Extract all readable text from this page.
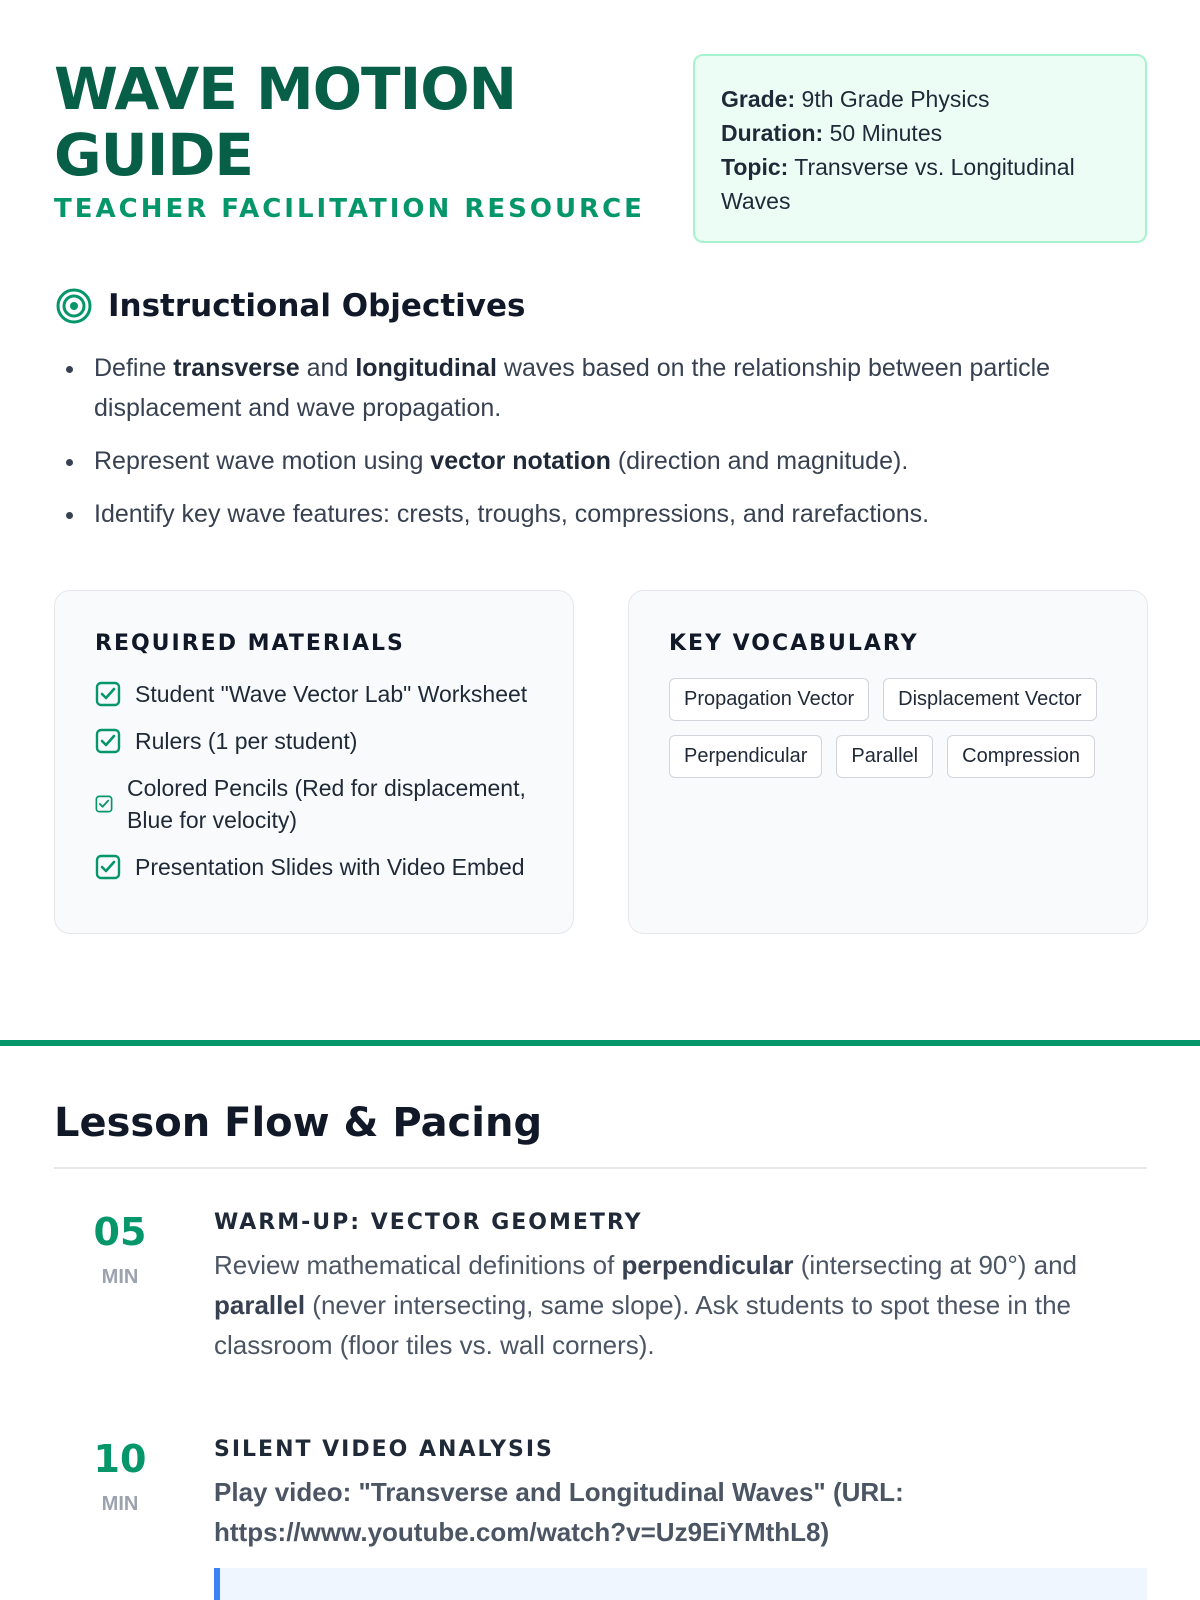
WAVE MOTION
GUIDE
TEACHER FACILITATION RESOURCE
Grade: 9th Grade Physics
Duration: 50 Minutes
Topic: Transverse vs. Longitudinal Waves
Instructional Objectives
Define transverse and longitudinal waves based on the relationship between particle displacement and wave propagation.
Represent wave motion using vector notation (direction and magnitude).
Identify key wave features: crests, troughs, compressions, and rarefactions.
REQUIRED MATERIALS
Student "Wave Vector Lab" Worksheet
Rulers (1 per student)
Colored Pencils (Red for displacement, Blue for velocity)
Presentation Slides with Video Embed
KEY VOCABULARY
Propagation Vector	Displacement Vector
Perpendicular	Parallel	Compression
Lesson Flow & Pacing
05
MIN
WARM-UP: VECTOR GEOMETRY
Review mathematical definitions of perpendicular (intersecting at 90°) and parallel (never intersecting, same slope). Ask students to spot these in the classroom (floor tiles vs. wall corners).
10
MIN
SILENT VIDEO ANALYSIS
Play video: "Transverse and Longitudinal Waves" (URL: https://www.youtube.com/watch?v=Uz9EiYMthL8)
